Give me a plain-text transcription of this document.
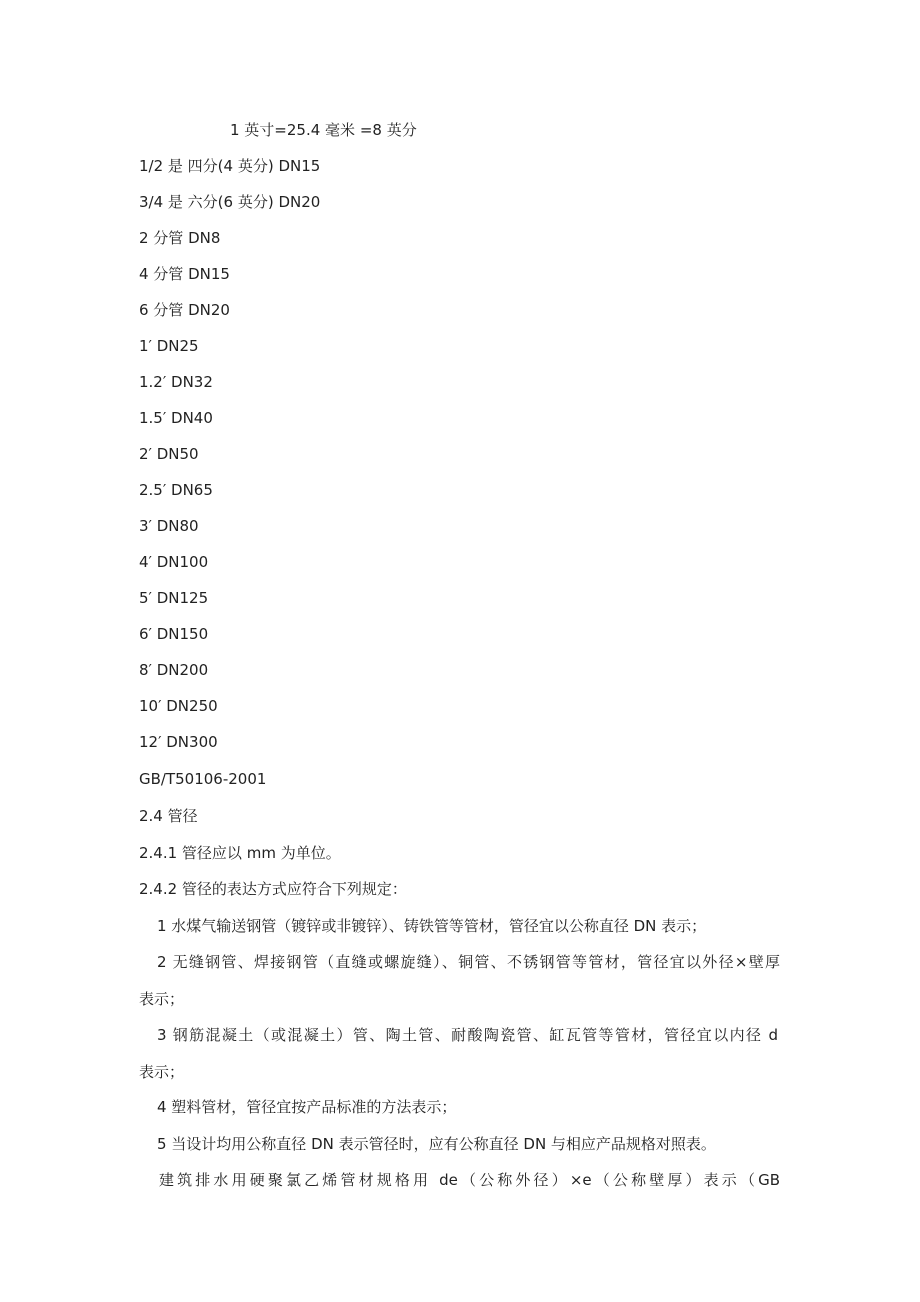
1 英寸=25.4 毫米 =8 英分
1/2 是 四分(4 英分) DN15
3/4 是 六分(6 英分) DN20
2 分管 DN8
4 分管 DN15
6 分管 DN20
1′ DN25
1.2′ DN32
1.5′ DN40
2′ DN50
2.5′ DN65
3′ DN80
4′ DN100
5′ DN125
6′ DN150
8′ DN200
10′ DN250
12′ DN300
GB/T50106-2001
2.4 管径
2.4.1 管径应以 mm 为单位。
2.4.2 管径的表达方式应符合下列规定：
1 水煤气输送钢管（镀锌或非镀锌）、铸铁管等管材，管径宜以公称直径 DN 表示；
2 无缝钢管、焊接钢管（直缝或螺旋缝）、铜管、不锈钢管等管材，管径宜以外径×壁厚
表示；
3 钢筋混凝土（或混凝土）管、陶土管、耐酸陶瓷管、缸瓦管等管材，管径宜以内径 d
表示；
4 塑料管材，管径宜按产品标准的方法表示；
5 当设计均用公称直径 DN 表示管径时，应有公称直径 DN 与相应产品规格对照表。
建筑排水用硬聚氯乙烯管材规格用 de（公称外径）×e（公称壁厚）表示（GB
